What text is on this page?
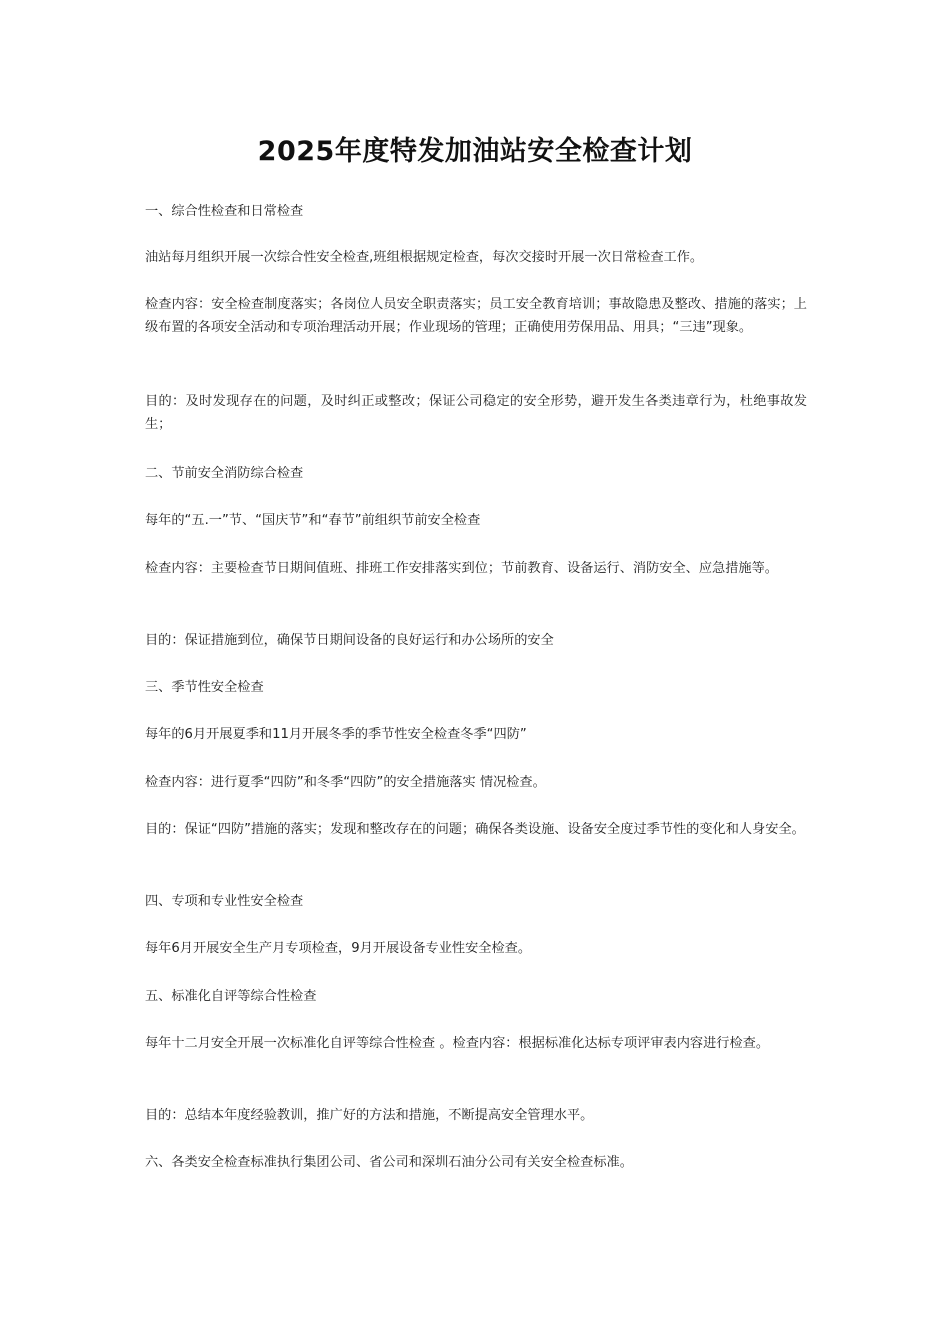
2025年度特发加油站安全检查计划

一、综合性检查和日常检查

油站每月组织开展一次综合性安全检查,班组根据规定检查，每次交接时开展一次日常检查工作。

检查内容：安全检查制度落实；各岗位人员安全职责落实；员工安全教育培训；事故隐患及整改、措施的落实；上级布置的各项安全活动和专项治理活动开展；作业现场的管理；正确使用劳保用品、用具；“三违”现象。

目的：及时发现存在的问题，及时纠正或整改；保证公司稳定的安全形势，避开发生各类违章行为，杜绝事故发生；

二、节前安全消防综合检查

每年的“五.一”节、“国庆节”和“春节”前组织节前安全检查

检查内容：主要检查节日期间值班、排班工作安排落实到位；节前教育、设备运行、消防安全、应急措施等。

目的：保证措施到位，确保节日期间设备的良好运行和办公场所的安全

三、季节性安全检查

每年的6月开展夏季和11月开展冬季的季节性安全检查冬季“四防”

检查内容：进行夏季“四防”和冬季“四防”的安全措施落实 情况检查。

目的：保证“四防”措施的落实；发现和整改存在的问题；确保各类设施、设备安全度过季节性的变化和人身安全。

四、专项和专业性安全检查

每年6月开展安全生产月专项检查，9月开展设备专业性安全检查。

五、标准化自评等综合性检查

每年十二月安全开展一次标准化自评等综合性检查 。检查内容：根据标准化达标专项评审表内容进行检查。

目的：总结本年度经验教训，推广好的方法和措施，不断提高安全管理水平。

六、各类安全检查标准执行集团公司、省公司和深圳石油分公司有关安全检查标准。
